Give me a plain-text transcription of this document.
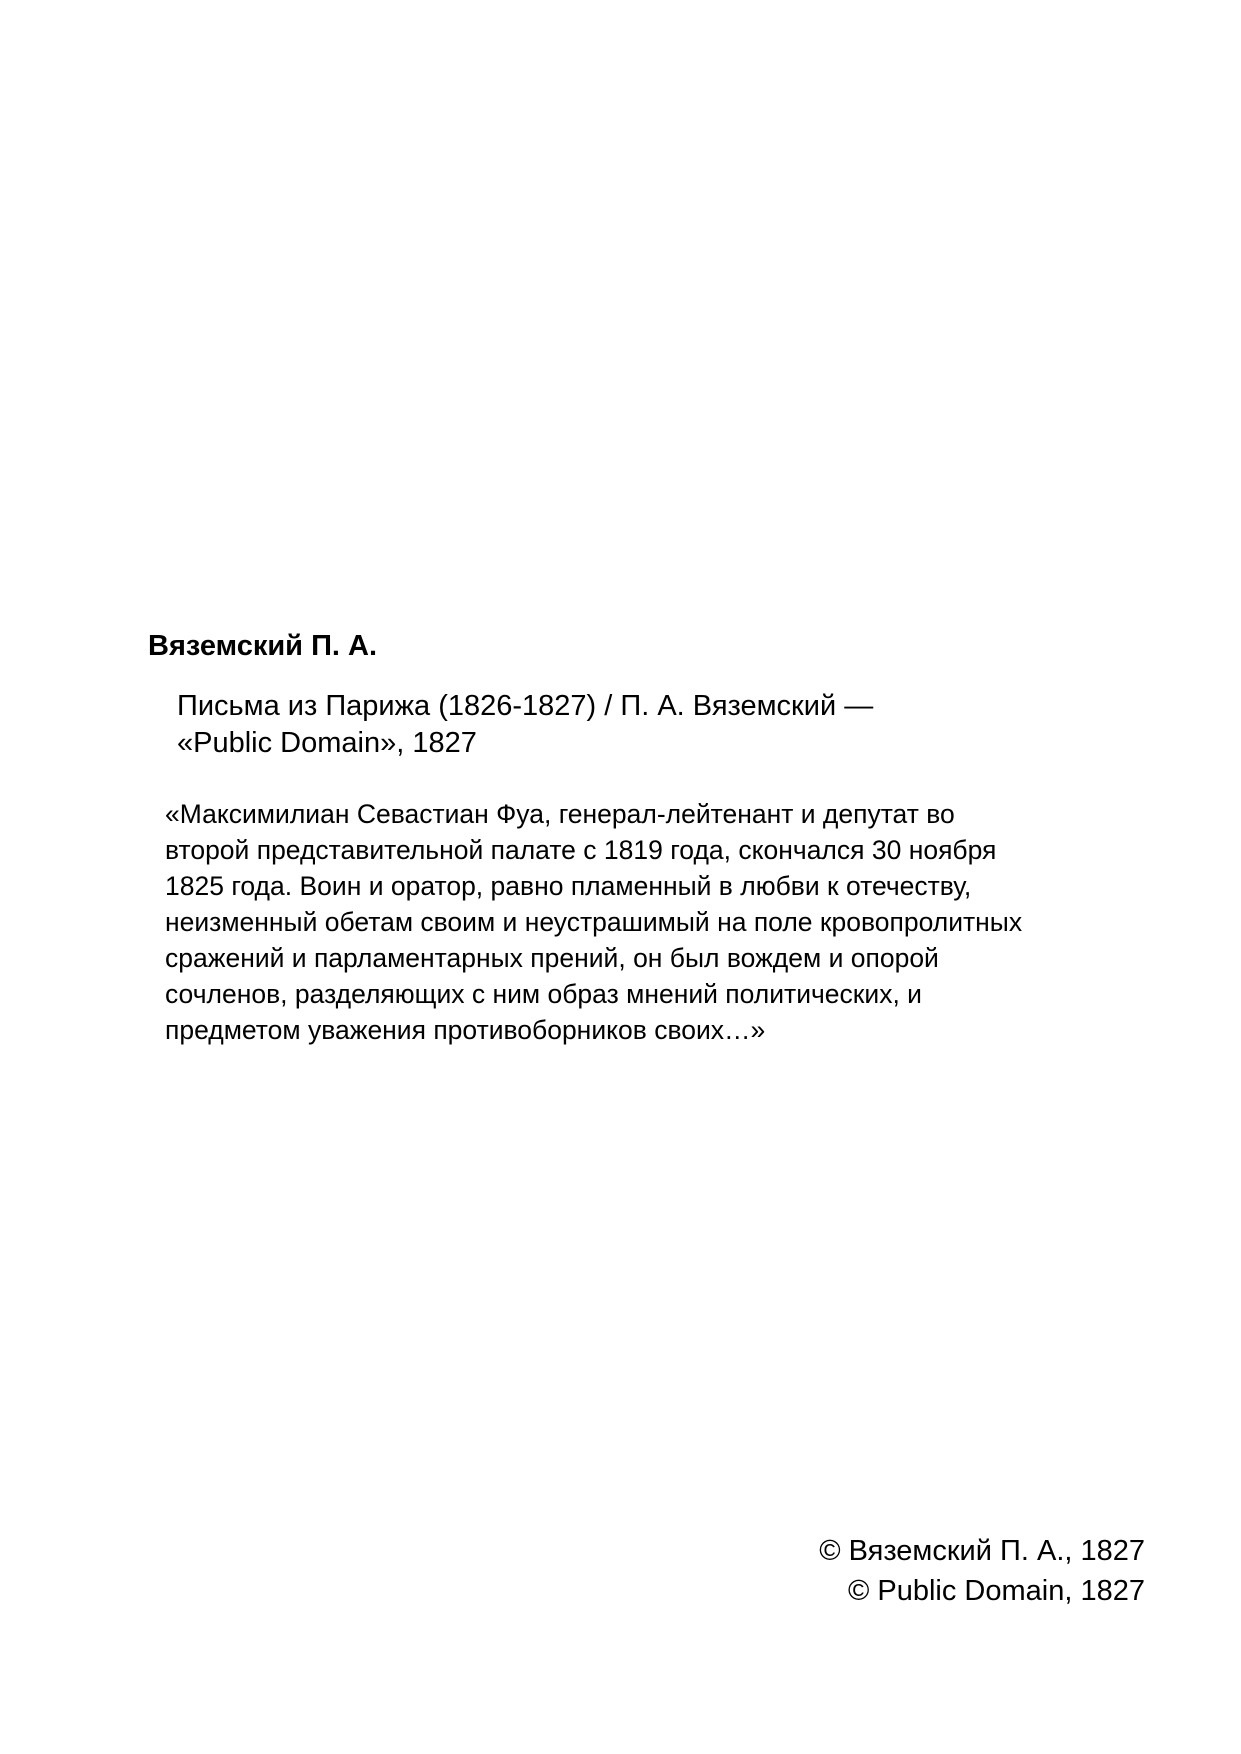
Вяземский П. А.
Письма из Парижа (1826-1827) / П. А. Вяземский —
«Public Domain», 1827
«Максимилиан Севастиан Фуа, генерал-лейтенант и депутат во
второй представительной палате с 1819 года, скончался 30 ноября
1825 года. Воин и оратор, равно пламенный в любви к отечеству,
неизменный обетам своим и неустрашимый на поле кровопролитных
сражений и парламентарных прений, он был вождем и опорой
сочленов, разделяющих с ним образ мнений политических, и
предметом уважения противоборников своих…»
© Вяземский П. А., 1827
© Public Domain, 1827
